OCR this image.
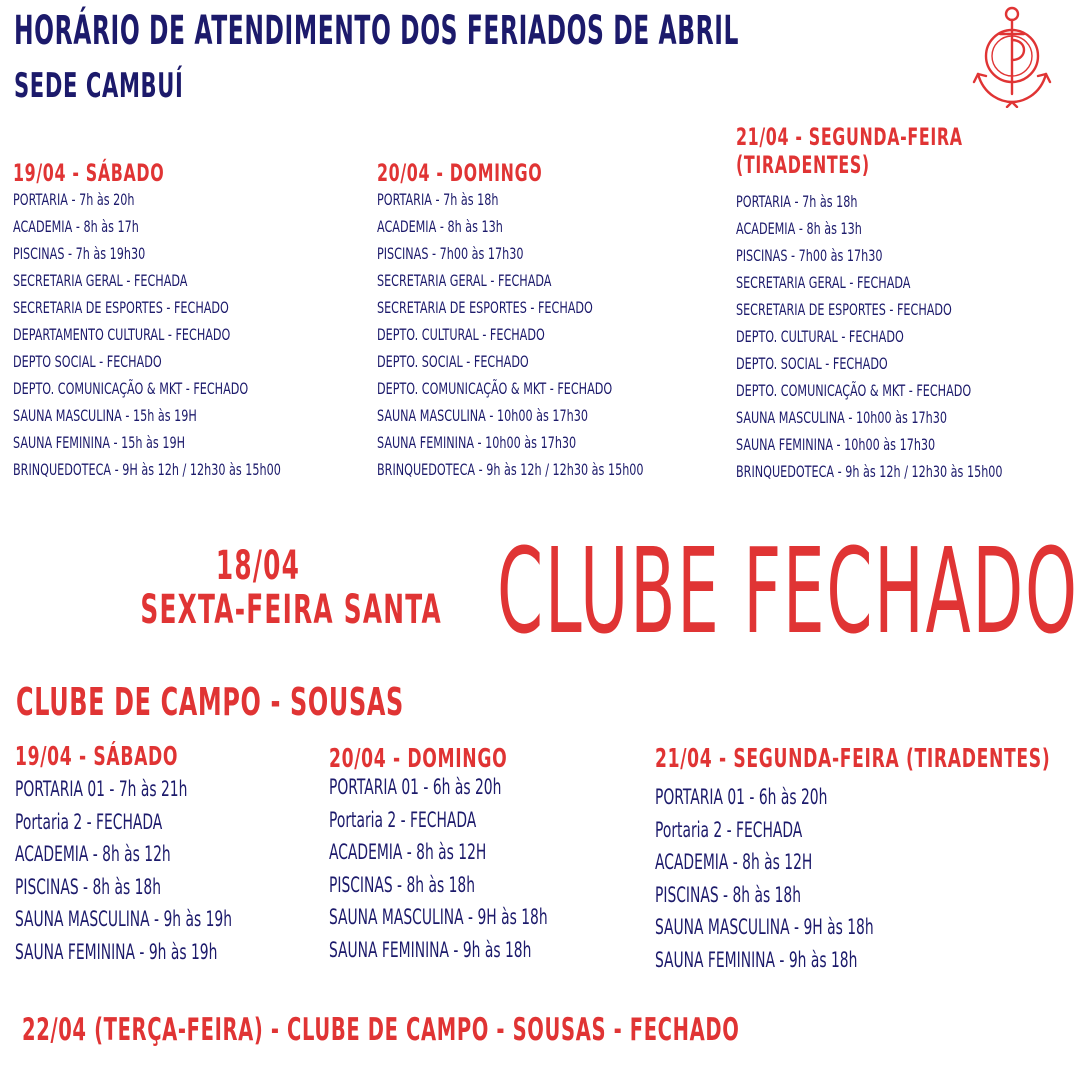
HORÁRIO DE ATENDIMENTO DOS FERIADOS DE ABRIL
SEDE CAMBUÍ
19/04 - SÁBADO
PORTARIA - 7h às 20h
ACADEMIA - 8h às 17h
PISCINAS - 7h às 19h30
SECRETARIA GERAL - FECHADA
SECRETARIA DE ESPORTES - FECHADO
DEPARTAMENTO CULTURAL - FECHADO
DEPTO SOCIAL - FECHADO
DEPTO. COMUNICAÇÃO & MKT - FECHADO
SAUNA MASCULINA - 15h às 19H
SAUNA FEMININA - 15h às 19H
BRINQUEDOTECA - 9H às 12h / 12h30 às 15h00
20/04 - DOMINGO
PORTARIA - 7h às 18h
ACADEMIA - 8h às 13h
PISCINAS - 7h00 às 17h30
SECRETARIA GERAL - FECHADA
SECRETARIA DE ESPORTES - FECHADO
DEPTO. CULTURAL - FECHADO
DEPTO. SOCIAL - FECHADO
DEPTO. COMUNICAÇÃO & MKT - FECHADO
SAUNA MASCULINA - 10h00 às 17h30
SAUNA FEMININA - 10h00 às 17h30
BRINQUEDOTECA - 9h às 12h / 12h30 às 15h00
21/04 - SEGUNDA-FEIRA
(TIRADENTES)
PORTARIA - 7h às 18h
ACADEMIA - 8h às 13h
PISCINAS - 7h00 às 17h30
SECRETARIA GERAL - FECHADA
SECRETARIA DE ESPORTES - FECHADO
DEPTO. CULTURAL - FECHADO
DEPTO. SOCIAL - FECHADO
DEPTO. COMUNICAÇÃO & MKT - FECHADO
SAUNA MASCULINA - 10h00 às 17h30
SAUNA FEMININA - 10h00 às 17h30
BRINQUEDOTECA - 9h às 12h / 12h30 às 15h00
18/04
SEXTA-FEIRA SANTA CLUBE FECHADO
CLUBE DE CAMPO - SOUSAS
19/04 - SÁBADO
PORTARIA 01 - 7h às 21h
Portaria 2 - FECHADA
ACADEMIA - 8h às 12h
PISCINAS - 8h às 18h
SAUNA MASCULINA - 9h às 19h
SAUNA FEMININA - 9h às 19h
20/04 - DOMINGO
PORTARIA 01 - 6h às 20h
Portaria 2 - FECHADA
ACADEMIA - 8h às 12H
PISCINAS - 8h às 18h
SAUNA MASCULINA - 9H às 18h
SAUNA FEMININA - 9h às 18h
21/04 - SEGUNDA-FEIRA (TIRADENTES)
PORTARIA 01 - 6h às 20h
Portaria 2 - FECHADA
ACADEMIA - 8h às 12H
PISCINAS - 8h às 18h
SAUNA MASCULINA - 9H às 18h
SAUNA FEMININA - 9h às 18h
22/04 (TERÇA-FEIRA) - CLUBE DE CAMPO - SOUSAS - FECHADO
